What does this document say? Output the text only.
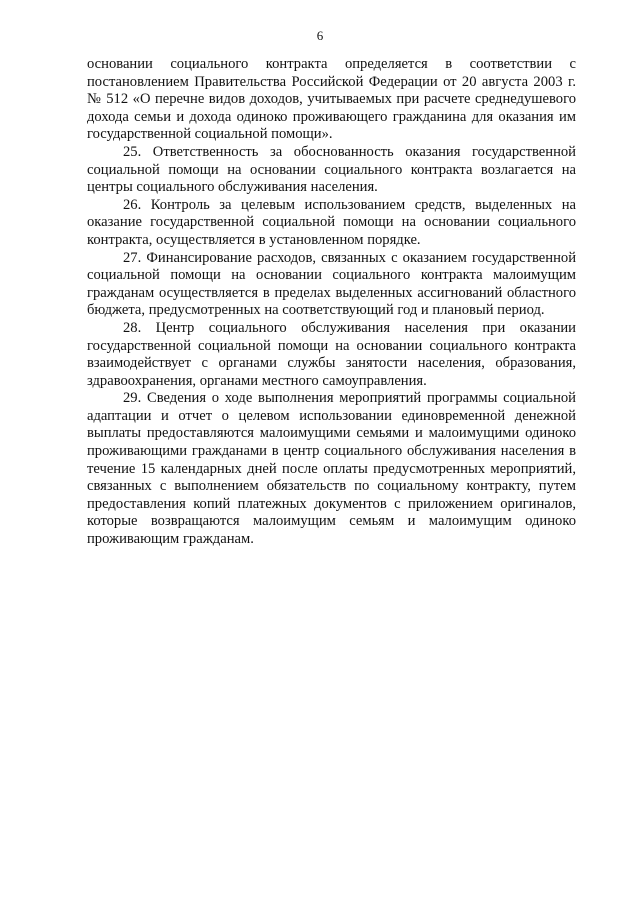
6

основании социального контракта определяется в соответствии с постановлением Правительства Российской Федерации от 20 августа 2003 г. № 512 «О перечне видов доходов, учитываемых при расчете среднедушевого дохода семьи и дохода одиноко проживающего гражданина для оказания им государственной социальной помощи».

25. Ответственность за обоснованность оказания государственной социальной помощи на основании социального контракта возлагается на центры социального обслуживания населения.

26. Контроль за целевым использованием средств, выделенных на оказание государственной социальной помощи на основании социального контракта, осуществляется в установленном порядке.

27. Финансирование расходов, связанных с оказанием государственной социальной помощи на основании социального контракта малоимущим гражданам осуществляется в пределах выделенных ассигнований областного бюджета, предусмотренных на соответствующий год и плановый период.

28. Центр социального обслуживания населения при оказании государственной социальной помощи на основании социального контракта взаимодействует с органами службы занятости населения, образования, здравоохранения, органами местного самоуправления.

29. Сведения о ходе выполнения мероприятий программы социальной адаптации и отчет о целевом использовании единовременной денежной выплаты предоставляются малоимущими семьями и малоимущими одиноко проживающими гражданами в центр социального обслуживания населения в течение 15 календарных дней после оплаты предусмотренных мероприятий, связанных с выполнением обязательств по социальному контракту, путем предоставления копий платежных документов с приложением оригиналов, которые возвращаются малоимущим семьям и малоимущим одиноко проживающим гражданам.
